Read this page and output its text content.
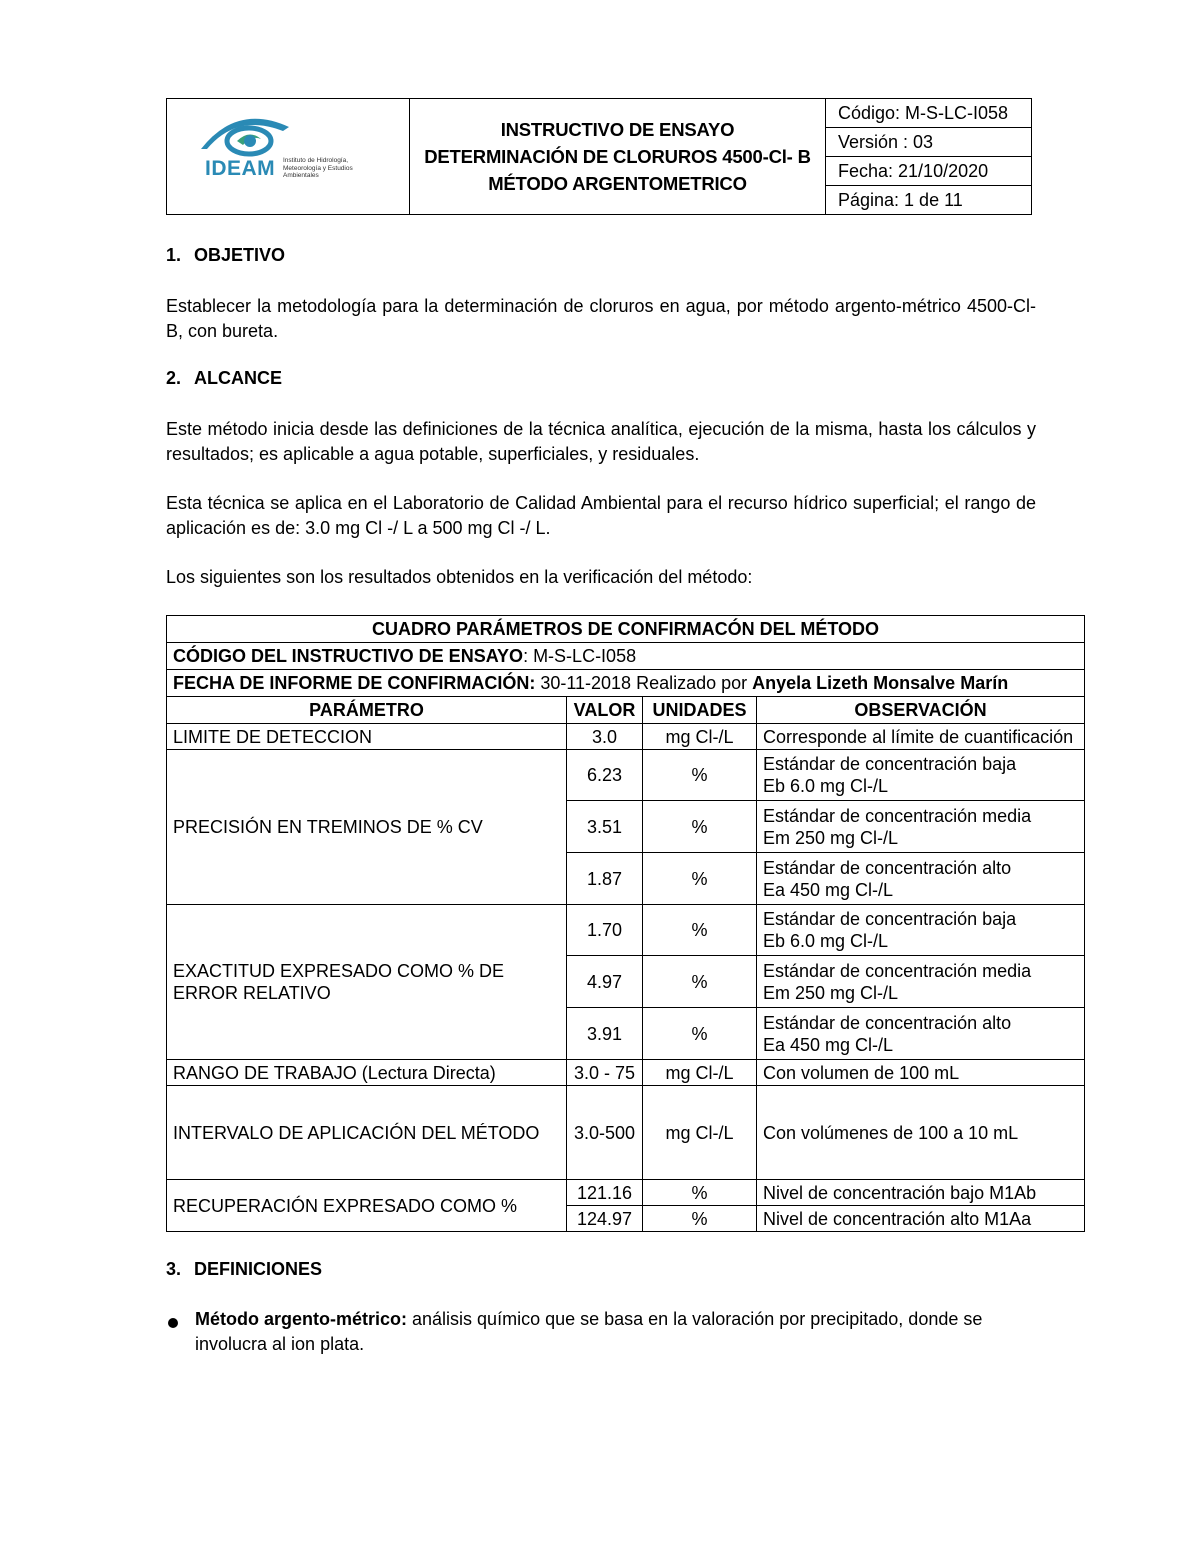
IDEAM Instituto de Hidrología, Meteorología y Estudios Ambientales
INSTRUCTIVO DE ENSAYO DETERMINACIÓN DE CLORUROS 4500-Cl- B MÉTODO ARGENTOMETRICO
Código: M-S-LC-I058
Versión : 03
Fecha: 21/10/2020
Página: 1 de 11
1. OBJETIVO
Establecer la metodología para la determinación de cloruros en agua, por método argento-métrico 4500-Cl- B, con bureta.
2. ALCANCE
Este método inicia desde las definiciones de la técnica analítica, ejecución de la misma, hasta los cálculos y resultados; es aplicable a agua potable, superficiales, y residuales.
Esta técnica se aplica en el Laboratorio de Calidad Ambiental para el recurso hídrico superficial; el rango de aplicación es de: 3.0 mg Cl -/ L a 500 mg Cl -/ L.
Los siguientes son los resultados obtenidos en la verificación del método:
CUADRO PARÁMETROS DE CONFIRMACÓN DEL MÉTODO			
CÓDIGO DEL INSTRUCTIVO DE ENSAYO: M-S-LC-I058			
FECHA DE INFORME DE CONFIRMACIÓN: 30-11-2018 Realizado por Anyela Lizeth Monsalve Marín			
PARÁMETRO	VALOR	UNIDADES	OBSERVACIÓN
LIMITE DE DETECCION	3.0	mg Cl-/L	Corresponde al límite de cuantificación
PRECISIÓN EN TREMINOS DE % CV	6.23	%	Estándar de concentración baja
Eb 6.0 mg Cl-/L
	3.51	%	Estándar de concentración media
Em 250 mg Cl-/L
	1.87	%	Estándar de concentración alto
Ea 450 mg Cl-/L
EXACTITUD EXPRESADO COMO % DE ERROR RELATIVO	1.70	%	Estándar de concentración baja
Eb 6.0 mg Cl-/L
	4.97	%	Estándar de concentración media
Em 250 mg Cl-/L
	3.91	%	Estándar de concentración alto
Ea 450 mg Cl-/L
RANGO DE TRABAJO (Lectura Directa)	3.0 - 75	mg Cl-/L	Con volumen de 100 mL
INTERVALO DE APLICACIÓN DEL MÉTODO	3.0-500	mg Cl-/L	Con volúmenes de 100 a 10 mL
RECUPERACIÓN EXPRESADO COMO %	121.16	%	Nivel de concentración bajo M1Ab
	124.97	%	Nivel de concentración alto M1Aa
3. DEFINICIONES
Método argento-métrico: análisis químico que se basa en la valoración por precipitado, donde se involucra al ion plata.
